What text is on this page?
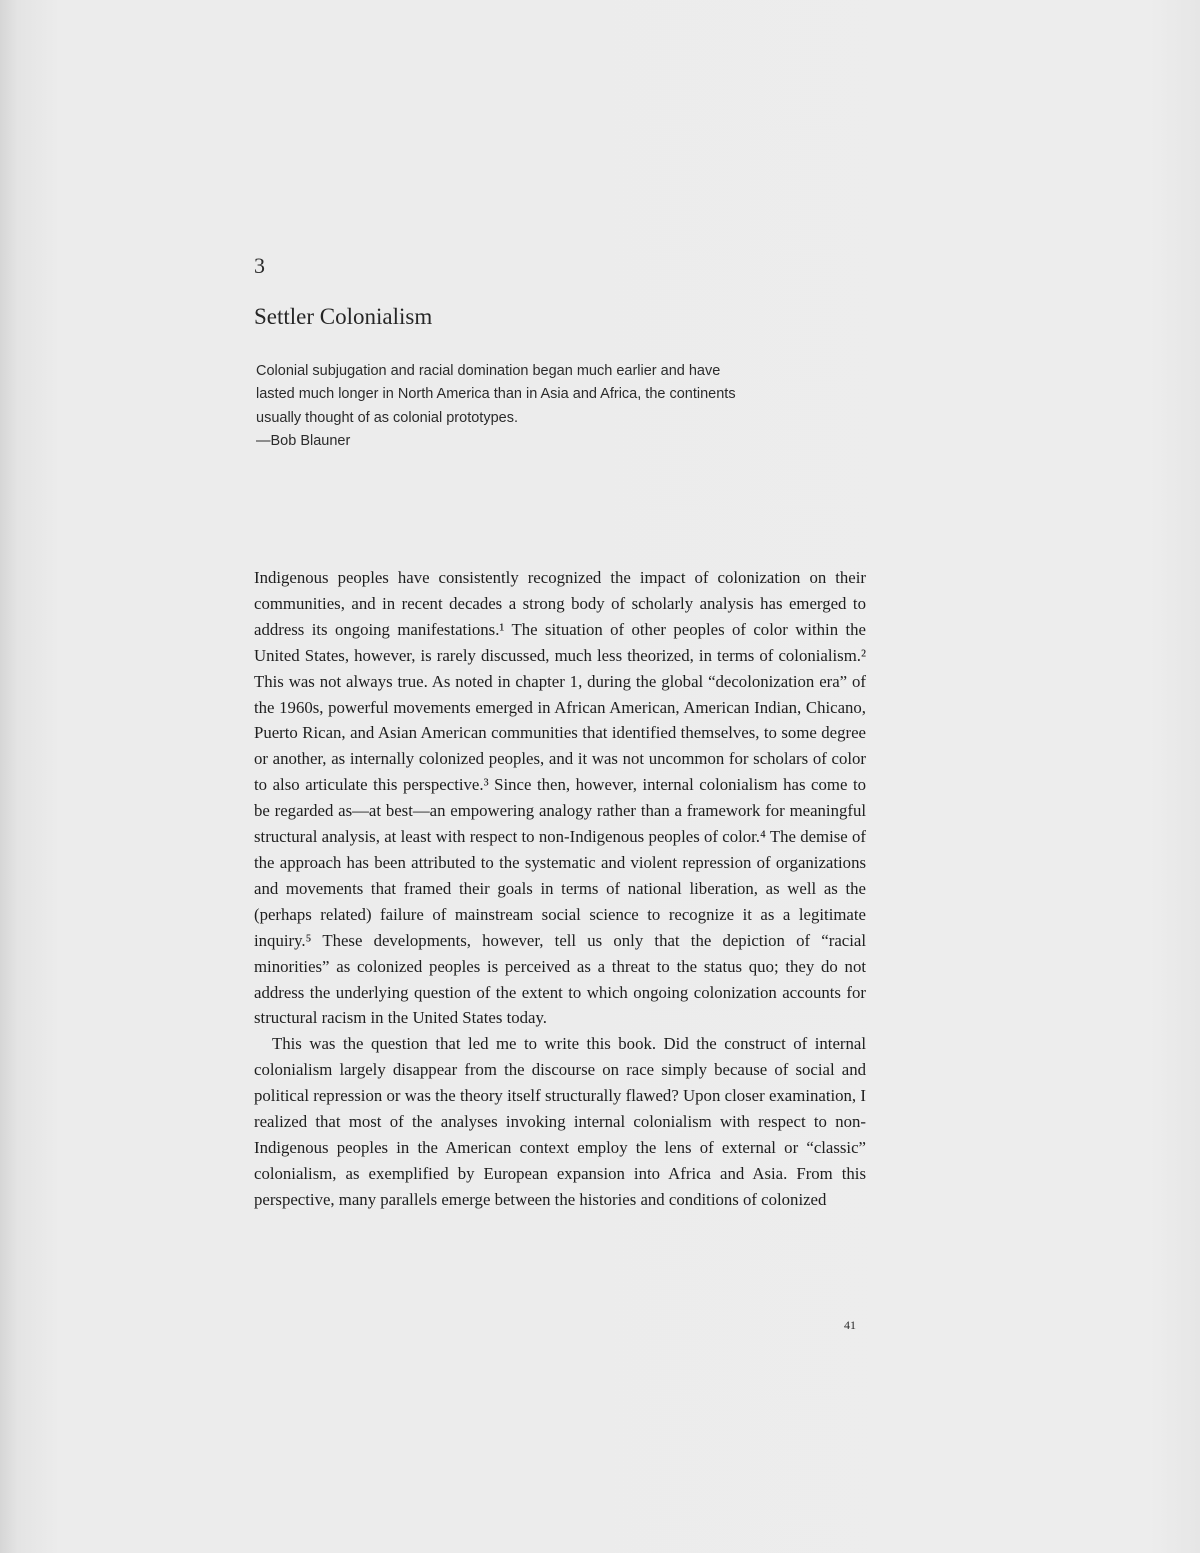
3
Settler Colonialism

Colonial subjugation and racial domination began much earlier and have lasted much longer in North America than in Asia and Africa, the continents usually thought of as colonial prototypes.

—Bob Blauner

Indigenous peoples have consistently recognized the impact of colonization on their communities, and in recent decades a strong body of scholarly analysis has emerged to address its ongoing manifestations.¹ The situation of other peoples of color within the United States, however, is rarely discussed, much less theorized, in terms of colonialism.² This was not always true. As noted in chapter 1, during the global “decolonization era” of the 1960s, powerful movements emerged in African American, American Indian, Chicano, Puerto Rican, and Asian American communities that identified themselves, to some degree or another, as internally colonized peoples, and it was not uncommon for scholars of color to also articulate this perspective.³ Since then, however, internal colonialism has come to be regarded as—at best—an empowering analogy rather than a framework for meaningful structural analysis, at least with respect to non-Indigenous peoples of color.⁴ The demise of the approach has been attributed to the systematic and violent repression of organizations and movements that framed their goals in terms of national liberation, as well as the (perhaps related) failure of mainstream social science to recognize it as a legitimate inquiry.⁵ These developments, however, tell us only that the depiction of “racial minorities” as colonized peoples is perceived as a threat to the status quo; they do not address the underlying question of the extent to which ongoing colonization accounts for structural racism in the United States today.

This was the question that led me to write this book. Did the construct of internal colonialism largely disappear from the discourse on race simply because of social and political repression or was the theory itself structurally flawed? Upon closer examination, I realized that most of the analyses invoking internal colonialism with respect to non-Indigenous peoples in the American context employ the lens of external or “classic” colonialism, as exemplified by European expansion into Africa and Asia. From this perspective, many parallels emerge between the histories and conditions of colonized

41
